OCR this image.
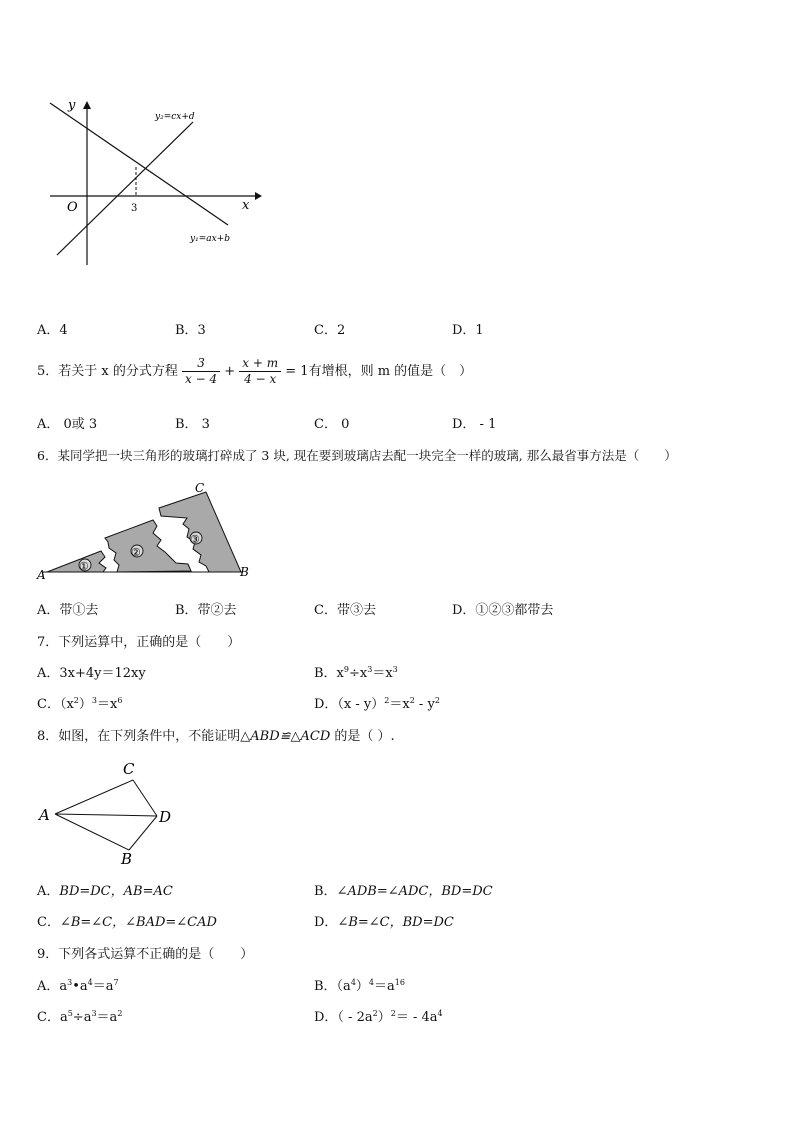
y
x
O	3
y₂=cx+d
y₁=ax+b
A．4	B．3	C．2	D．1
5．若关于 x 的分式方程 $\frac{3}{x - 4} + \frac{x + m}{4 - x} = 1$有增根，则 m 的值是（　）
A． 0或 3	B． 3	C． 0	D． - 1
6．某同学把一块三角形的玻璃打碎成了 3 块, 现在要到玻璃店去配一块完全一样的玻璃, 那么最省事方法是（　　）
①
②
③
A	B
C
A．带①去	B．带②去	C．带③去	D．①②③都带去
7．下列运算中，正确的是（　　）
A．3x+4y＝12xy	B．$x^9\div x^3=x^3$
C．$(x^2)^3=x^6$	D．$(x - y)^2=x^2 - y^2$
8．如图，在下列条件中，不能证明△ABD≌△ACD 的是（ ）.
A
C
D
B
A．BD=DC，AB=AC	B．∠ADB=∠ADC，BD=DC
C．∠B=∠C，∠BAD=∠CAD	D．∠B=∠C，BD=DC
9．下列各式运算不正确的是（　　）
A．$a^3•a^4=a^7$	B．$(a^4)^4=a^{16}$
C．$a^5\div a^3=a^2$	D．（ - $2a^2)^2= - 4a^4$
